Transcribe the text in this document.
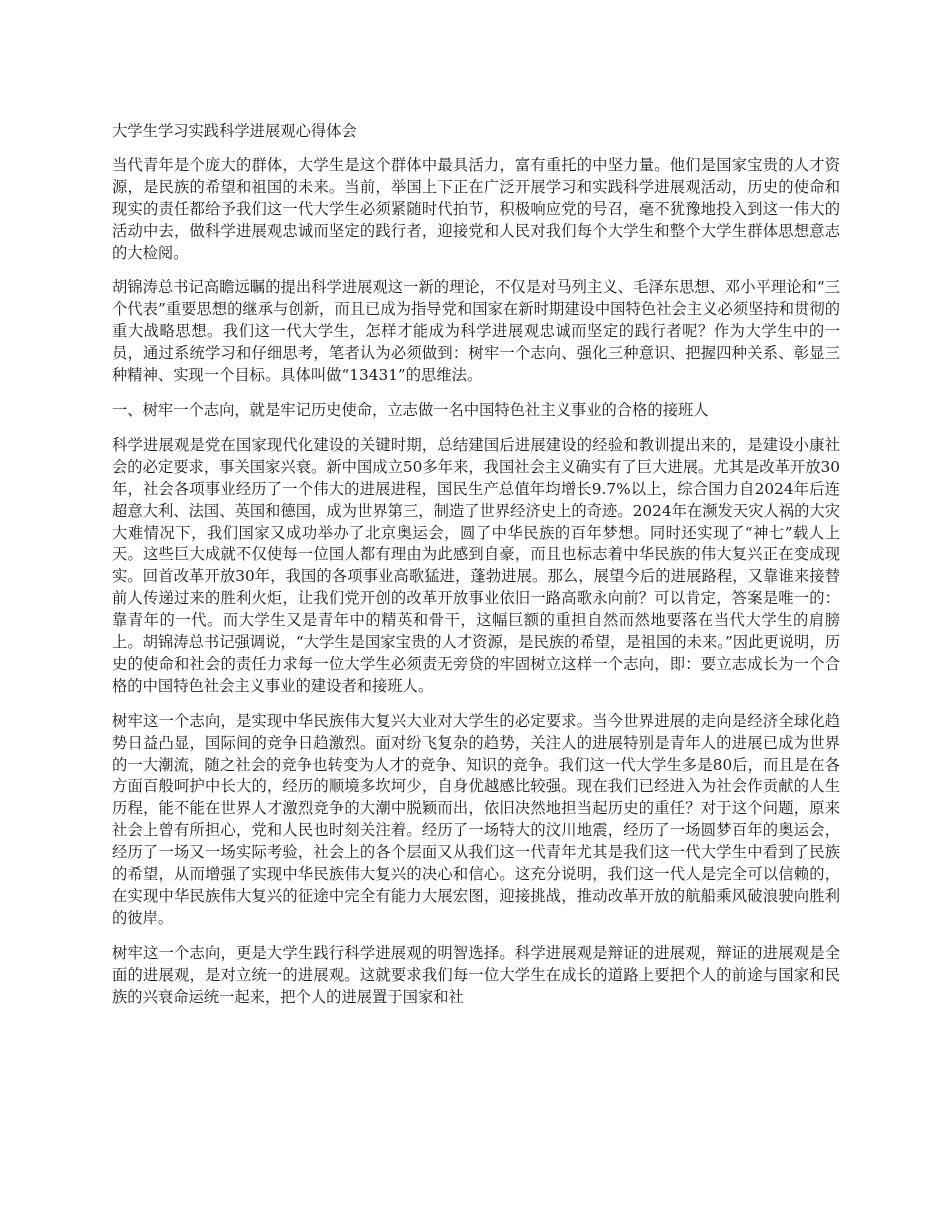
大学生学习实践科学进展观心得体会

当代青年是个庞大的群体，大学生是这个群体中最具活力，富有重托的中坚力量。他们是国家宝贵的人才资源，是民族的希望和祖国的未来。当前，举国上下正在广泛开展学习和实践科学进展观活动，历史的使命和现实的责任都给予我们这一代大学生必须紧随时代拍节，积极响应党的号召，毫不犹豫地投入到这一伟大的活动中去，做科学进展观忠诚而坚定的践行者，迎接党和人民对我们每个大学生和整个大学生群体思想意志的大检阅。

胡锦涛总书记高瞻远瞩的提出科学进展观这一新的理论，不仅是对马列主义、毛泽东思想、邓小平理论和“三个代表”重要思想的继承与创新，而且已成为指导党和国家在新时期建设中国特色社会主义必须坚持和贯彻的重大战略思想。我们这一代大学生，怎样才能成为科学进展观忠诚而坚定的践行者呢？作为大学生中的一员，通过系统学习和仔细思考，笔者认为必须做到：树牢一个志向、强化三种意识、把握四种关系、彰显三种精神、实现一个目标。具体叫做“13431”的思维法。

一、树牢一个志向，就是牢记历史使命，立志做一名中国特色社主义事业的合格的接班人

科学进展观是党在国家现代化建设的关键时期，总结建国后进展建设的经验和教训提出来的，是建设小康社会的必定要求，事关国家兴衰。新中国成立50多年来，我国社会主义确实有了巨大进展。尤其是改革开放30年，社会各项事业经历了一个伟大的进展进程，国民生产总值年均增长9.7%以上，综合国力自2024年后连超意大利、法国、英国和德国，成为世界第三，制造了世界经济史上的奇迹。2024年在濒发天灾人祸的大灾大难情况下，我们国家又成功举办了北京奥运会，圆了中华民族的百年梦想。同时还实现了“神七”载人上天。这些巨大成就不仅使每一位国人都有理由为此感到自豪，而且也标志着中华民族的伟大复兴正在变成现实。回首改革开放30年，我国的各项事业高歌猛进，蓬勃进展。那么，展望今后的进展路程，又靠谁来接替前人传递过来的胜利火炬，让我们党开创的改革开放事业依旧一路高歌永向前？可以肯定，答案是唯一的：靠青年的一代。而大学生又是青年中的精英和骨干，这幅巨额的重担自然而然地要落在当代大学生的肩膀上。胡锦涛总书记强调说，“大学生是国家宝贵的人才资源，是民族的希望，是祖国的未来。”因此更说明，历史的使命和社会的责任力求每一位大学生必须责无旁贷的牢固树立这样一个志向，即：要立志成长为一个合格的中国特色社会主义事业的建设者和接班人。

树牢这一个志向，是实现中华民族伟大复兴大业对大学生的必定要求。当今世界进展的走向是经济全球化趋势日益凸显，国际间的竞争日趋激烈。面对纷飞复杂的趋势，关注人的进展特别是青年人的进展已成为世界的一大潮流，随之社会的竞争也转变为人才的竞争、知识的竞争。我们这一代大学生多是80后，而且是在各方面百般呵护中长大的，经历的顺境多坎坷少，自身优越感比较强。现在我们已经进入为社会作贡献的人生历程，能不能在世界人才激烈竞争的大潮中脱颖而出，依旧决然地担当起历史的重任？对于这个问题，原来社会上曾有所担心，党和人民也时刻关注着。经历了一场特大的汶川地震，经历了一场圆梦百年的奥运会，经历了一场又一场实际考验，社会上的各个层面又从我们这一代青年尤其是我们这一代大学生中看到了民族的希望，从而增强了实现中华民族伟大复兴的决心和信心。这充分说明，我们这一代人是完全可以信赖的，在实现中华民族伟大复兴的征途中完全有能力大展宏图，迎接挑战，推动改革开放的航船乘风破浪驶向胜利的彼岸。

树牢这一个志向，更是大学生践行科学进展观的明智选择。科学进展观是辩证的进展观，辩证的进展观是全面的进展观，是对立统一的进展观。这就要求我们每一位大学生在成长的道路上要把个人的前途与国家和民族的兴衰命运统一起来，把个人的进展置于国家和社
